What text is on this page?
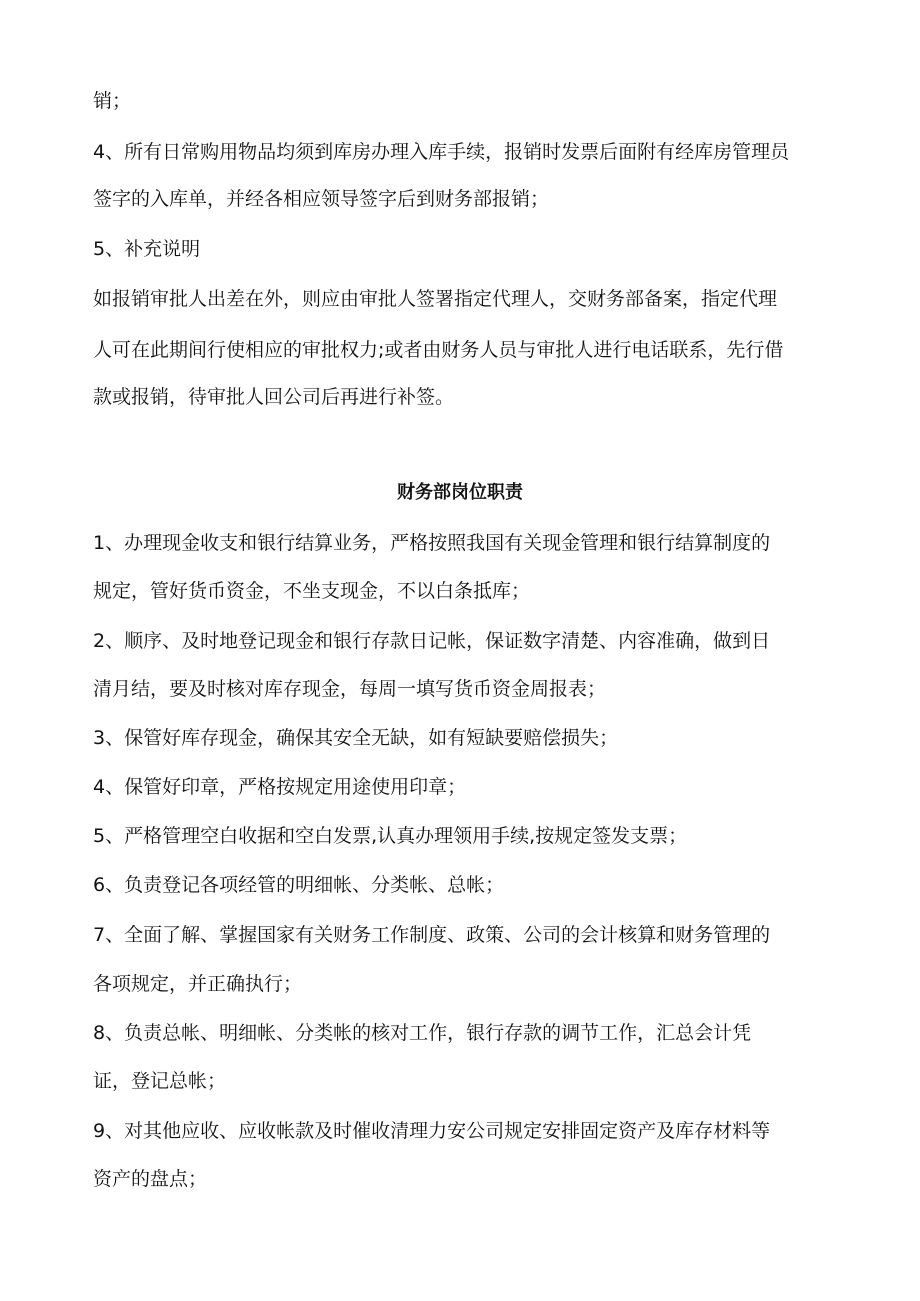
销；
4、所有日常购用物品均须到库房办理入库手续，报销时发票后面附有经库房管理员
签字的入库单，并经各相应领导签字后到财务部报销；
5、补充说明
如报销审批人出差在外，则应由审批人签署指定代理人，交财务部备案，指定代理
人可在此期间行使相应的审批权力;或者由财务人员与审批人进行电话联系，先行借
款或报销，待审批人回公司后再进行补签。
财务部岗位职责
1、办理现金收支和银行结算业务，严格按照我国有关现金管理和银行结算制度的
规定，管好货币资金，不坐支现金，不以白条抵库；
2、顺序、及时地登记现金和银行存款日记帐，保证数字清楚、内容准确，做到日
清月结，要及时核对库存现金，每周一填写货币资金周报表；
3、保管好库存现金，确保其安全无缺，如有短缺要赔偿损失；
4、保管好印章，严格按规定用途使用印章；
5、严格管理空白收据和空白发票,认真办理领用手续,按规定签发支票；
6、负责登记各项经管的明细帐、分类帐、总帐；
7、全面了解、掌握国家有关财务工作制度、政策、公司的会计核算和财务管理的
各项规定，并正确执行；
8、负责总帐、明细帐、分类帐的核对工作，银行存款的调节工作，汇总会计凭
证，登记总帐；
9、对其他应收、应收帐款及时催收清理力安公司规定安排固定资产及库存材料等
资产的盘点；
